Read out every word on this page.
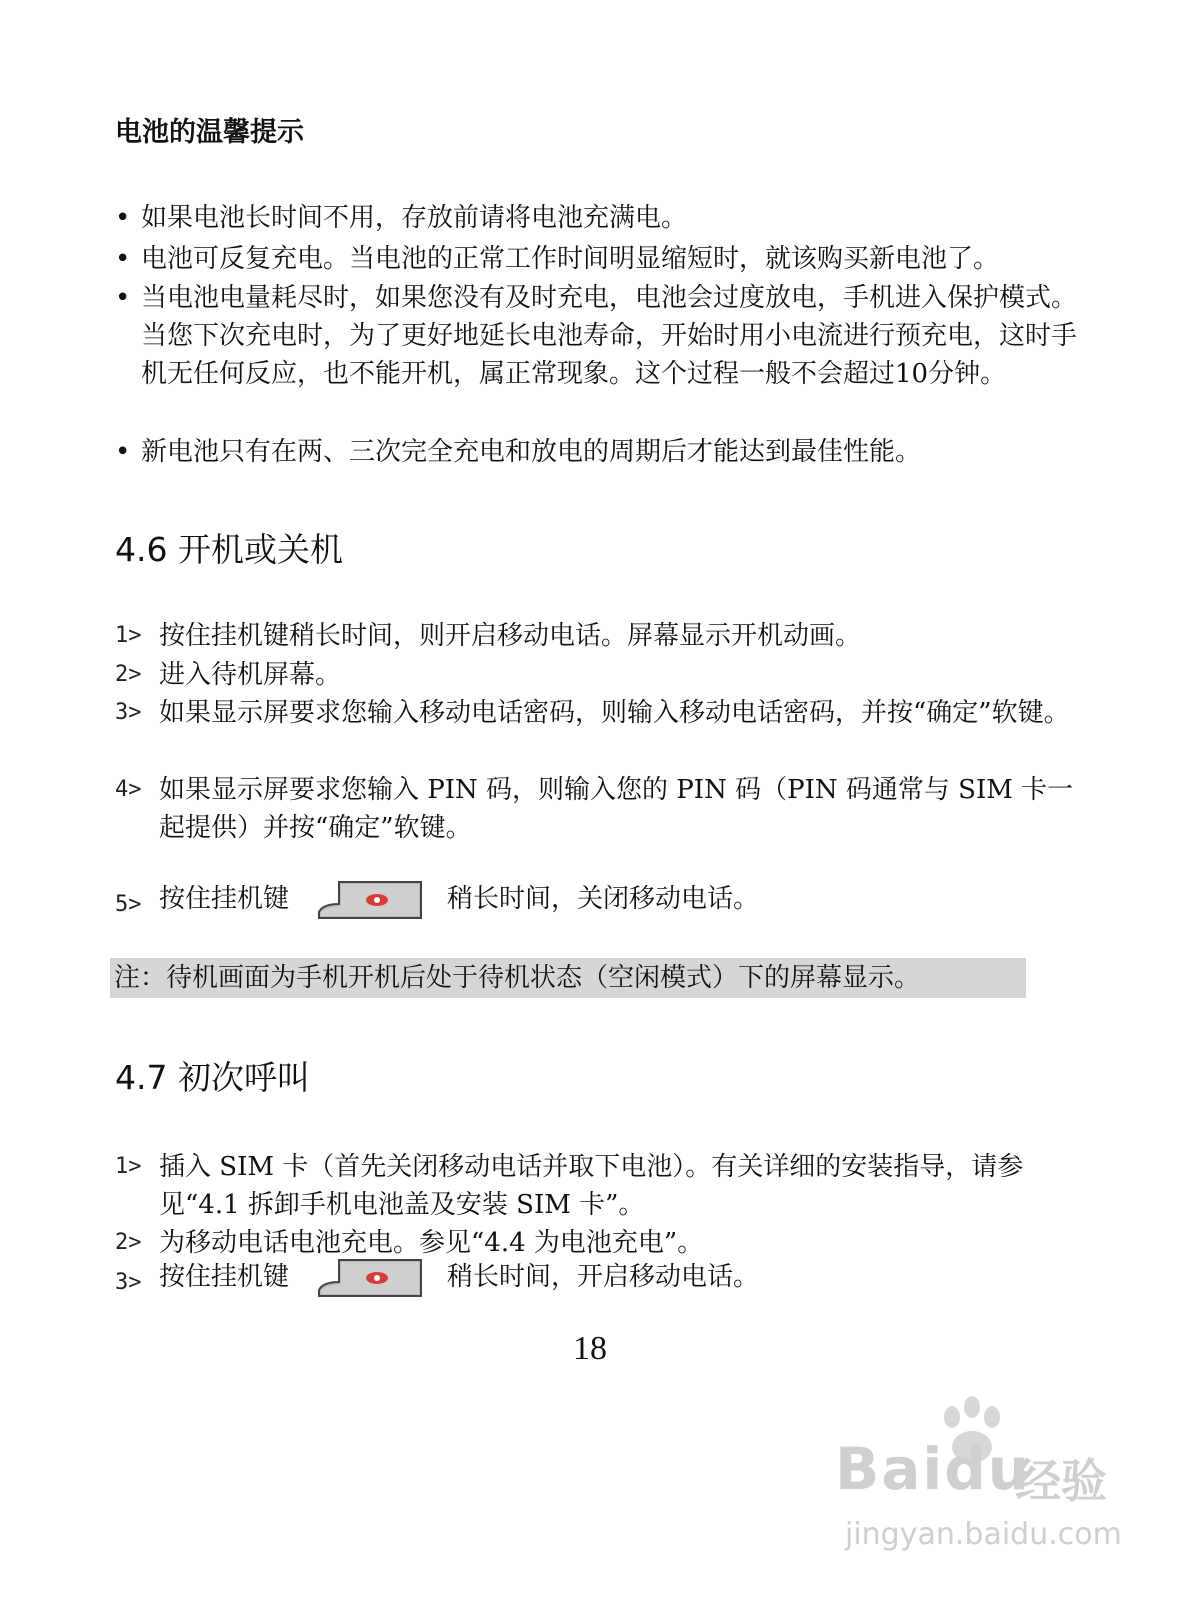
电池的温馨提示
• 如果电池长时间不用，存放前请将电池充满电。
• 电池可反复充电。当电池的正常工作时间明显缩短时，就该购买新电池了。
• 当电池电量耗尽时，如果您没有及时充电，电池会过度放电，手机进入保护模式。当您下次充电时，为了更好地延长电池寿命，开始时用小电流进行预充电，这时手机无任何反应，也不能开机，属正常现象。这个过程一般不会超过10分钟。
• 新电池只有在两、三次完全充电和放电的周期后才能达到最佳性能。
4.6 开机或关机
1> 按住挂机键稍长时间，则开启移动电话。屏幕显示开机动画。
2> 进入待机屏幕。
3> 如果显示屏要求您输入移动电话密码，则输入移动电话密码，并按“确定”软键。
4> 如果显示屏要求您输入 PIN 码，则输入您的 PIN 码（PIN 码通常与 SIM 卡一起提供）并按“确定”软键。
5> 按住挂机键	稍长时间，关闭移动电话。
注：待机画面为手机开机后处于待机状态（空闲模式）下的屏幕显示。
4.7 初次呼叫
1> 插入 SIM 卡（首先关闭移动电话并取下电池）。有关详细的安装指导，请参见“4.1 拆卸手机电池盖及安装 SIM 卡”。
2> 为移动电话电池充电。参见“4.4 为电池充电”。
3> 按住挂机键	稍长时间，开启移动电话。
18
Baidu
经验
jingyan.baidu.com
